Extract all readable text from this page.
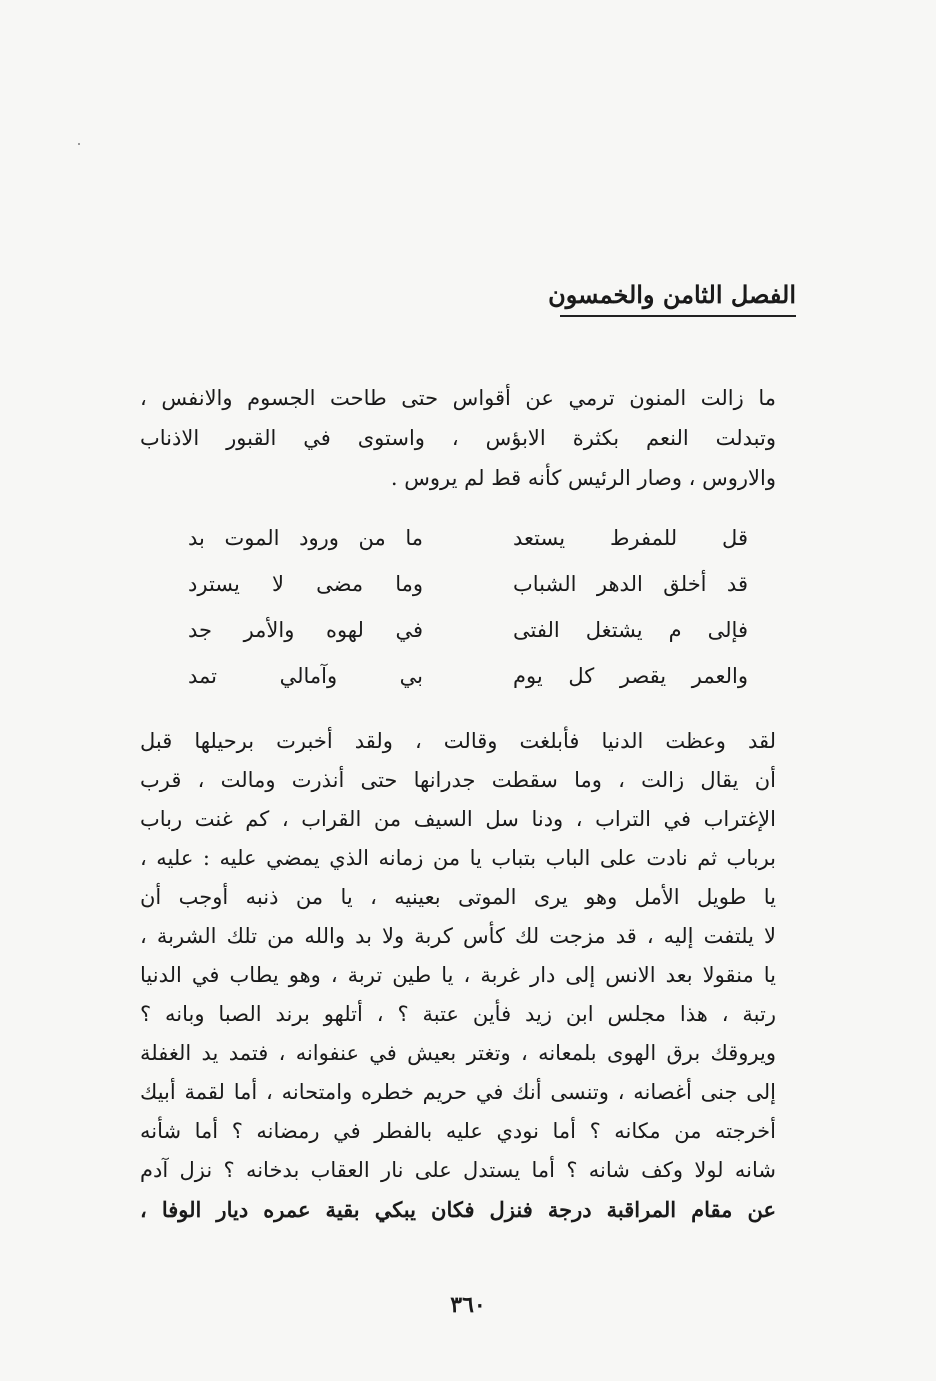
الفصل الثامن والخمسون
ما زالت المنون ترمي عن أقواس حتى طاحت الجسوم والانفس ،
وتبدلت النعم بكثرة الابؤس ، واستوى في القبور الاذناب
والاروس ، وصار الرئيس كأنه قط لم يروس .
قل للمفرط يستعد
ما من ورود الموت بد
قد أخلق الدهر الشباب
وما مضى لا يسترد
فإلى م يشتغل الفتى
في لهوه والأمر جد
والعمر يقصر كل يوم
بي وآمالي تمد
لقد وعظت الدنيا فأبلغت وقالت ، ولقد أخبرت برحيلها قبل
أن يقال زالت ، وما سقطت جدرانها حتى أنذرت ومالت ، قرب
الإغتراب في التراب ، ودنا سل السيف من القراب ، كم غنت رباب
برباب ثم نادت على الباب بتباب يا من زمانه الذي يمضي عليه : عليه ،
يا طويل الأمل وهو يرى الموتى بعينيه ، يا من ذنبه أوجب أن
لا يلتفت إليه ، قد مزجت لك كأس كربة ولا بد والله من تلك الشربة ،
يا منقولا بعد الانس إلى دار غربة ، يا طين تربة ، وهو يطاب في الدنيا
رتبة ، هذا مجلس ابن زيد فأين عتبة ؟ ، أتلهو برند الصبا وبانه ؟
ويروقك برق الهوى بلمعانه ، وتغتر بعيش في عنفوانه ، فتمد يد الغفلة
إلى جنى أغصانه ، وتنسى أنك في حريم خطره وامتحانه ، أما لقمة أبيك
أخرجته من مكانه ؟ أما نودي عليه بالفطر في رمضانه ؟ أما شأنه
شانه لولا وكف شانه ؟ أما يستدل على نار العقاب بدخانه ؟ نزل آدم
عن مقام المراقبة درجة فنزل فكان يبكي بقية عمره ديار الوفا ،
٣٦٠
